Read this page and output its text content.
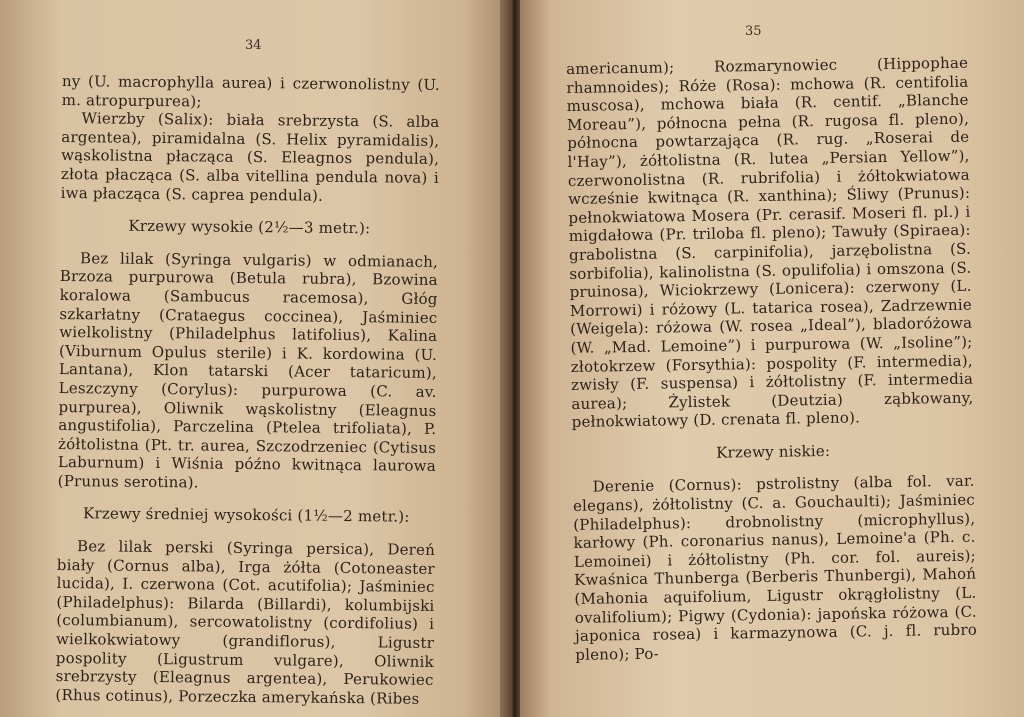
34

ny (U. macrophylla aurea) i czerwonolistny (U. m. atropurpurea);

Wierzby (Salix): biała srebrzysta (S. alba argentea), piramidalna (S. Helix pyramidalis), wąskolistna płacząca (S. Eleagnos pendula), złota płacząca (S. alba vitellina pendula nova) i iwa płacząca (S. caprea pendula).

Krzewy wysokie (2½—3 metr.):

Bez lilak (Syringa vulgaris) w odmianach, Brzoza purpurowa (Betula rubra), Bzowina koralowa (Sambucus racemosa), Głóg szkarłatny (Crataegus coccinea), Jaśminiec wielkolistny (Philadelphus latifolius), Kalina (Viburnum Opulus sterile) i K. kordowina (U. Lantana), Klon tatarski (Acer tataricum), Leszczyny (Corylus): purpurowa (C. av. purpurea), Oliwnik wąskolistny (Eleagnus angustifolia), Parczelina (Ptelea trifoliata), P. żółtolistna (Pt. tr. aurea, Szczodrzeniec (Cytisus Laburnum) i Wiśnia późno kwitnąca laurowa (Prunus serotina).

Krzewy średniej wysokości (1½—2 metr.):

Bez lilak perski (Syringa persica), Dereń biały (Cornus alba), Irga żółta (Cotoneaster lucida), I. czerwona (Cot. acutifolia); Jaśminiec (Philadelphus): Bilarda (Billardi), kolumbijski (columbianum), sercowatolistny (cordifolius) i wielkokwiatowy (grandiflorus), Ligustr pospolity (Ligustrum vulgare), Oliwnik srebrzysty (Eleagnus argentea), Perukowiec (Rhus cotinus), Porzeczka amerykańska (Ribes

35

americanum); Rozmarynowiec (Hippophae rhamnoides); Róże (Rosa): mchowa (R. centifolia muscosa), mchowa biała (R. centif. „Blanche Moreau”), północna pełna (R. rugosa fl. pleno), północna powtarzająca (R. rug. „Roserai de l'Hay”), żółtolistna (R. lutea „Persian Yellow”), czerwonolistna (R. rubrifolia) i żółtokwiatowa wcześnie kwitnąca (R. xanthina); Śliwy (Prunus): pełnokwiatowa Mosera (Pr. cerasif. Moseri fl. pl.) i migdałowa (Pr. triloba fl. pleno); Tawuły (Spiraea): grabolistna (S. carpinifolia), jarzębolistna (S. sorbifolia), kalinolistna (S. opulifolia) i omszona (S. pruinosa), Wiciokrzewy (Lonicera): czerwony (L. Morrowi) i różowy (L. tatarica rosea), Zadrzewnie (Weigela): różowa (W. rosea „Ideal”), bladoróżowa (W. „Mad. Lemoine”) i purpurowa (W. „Isoline”); złotokrzew (Forsythia): pospolity (F. intermedia), zwisły (F. suspensa) i żółtolistny (F. intermedia aurea); Żylistek (Deutzia) ząbkowany, pełnokwiatowy (D. crenata fl. pleno).

Krzewy niskie:

Derenie (Cornus): pstrolistny (alba fol. var. elegans), żółtolistny (C. a. Gouchaulti); Jaśminiec (Philadelphus): drobnolistny (microphyllus), karłowy (Ph. coronarius nanus), Lemoine'a (Ph. c. Lemoinei) i żółtolistny (Ph. cor. fol. aureis); Kwaśnica Thunberga (Berberis Thunbergi), Mahoń (Mahonia aquifolium, Ligustr okrągłolistny (L. ovalifolium); Pigwy (Cydonia): japońska różowa (C. japonica rosea) i karmazynowa (C. j. fl. rubro pleno); Po-
